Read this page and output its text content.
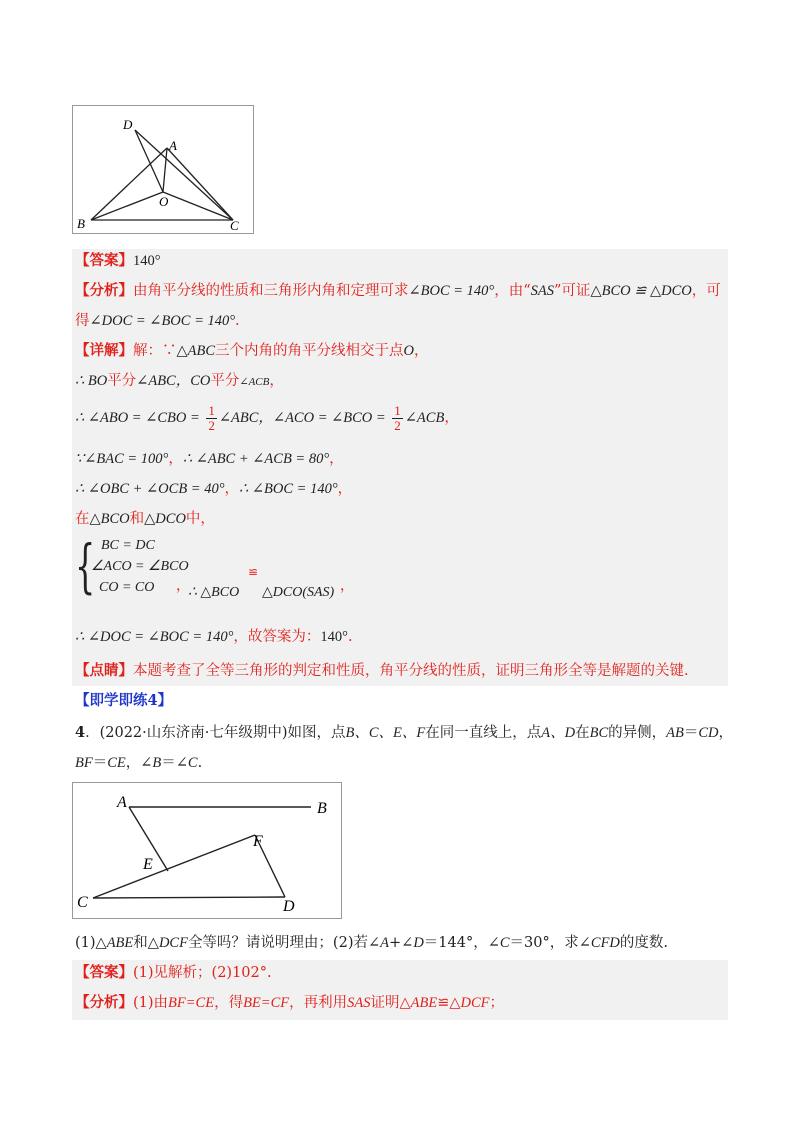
D
A
O
B	C
【答案】140°
【分析】由角平分线的性质和三角形内角和定理可求∠BOC = 140°，由“SAS”可证△BCO ≌ △DCO，可
得∠DOC = ∠BOC = 140°.
【详解】解：∵△ABC三个内角的角平分线相交于点O，
∴ BO平分∠ABC，CO平分∠ACB，
∴ ∠ABO = ∠CBO = $\frac{1}{2}$ ∠ABC，∠ACO = ∠BCO = $\frac{1}{2}$ ∠ACB，
∵∠BAC = 100°，∴ ∠ABC + ∠ACB = 80°，
∴ ∠OBC + ∠OCB = 40°，∴ ∠BOC = 140°，
在△BCO和△DCO中，
{ BC = DC
∠ACO = ∠BCO
CO = CO ，
∴ △BCO
≌
△DCO(SAS) ，
∴ ∠DOC = ∠BOC = 140°，故答案为：140°.
【点睛】本题考查了全等三角形的判定和性质，角平分线的性质，证明三角形全等是解题的关键.
【即学即练4】
4．(2022·山东济南·七年级期中)如图，点B、C、E、F在同一直线上，点A、D在BC的异侧，AB＝CD，
BF＝CE，∠B＝∠C.
A	B
E
F
C	D
(1)△ABE和△DCF全等吗？请说明理由；(2)若∠A+∠D＝144°，∠C＝30°，求∠CFD的度数.
【答案】(1)见解析；(2)102°.
【分析】(1)由BF=CE，得BE=CF，再利用SAS证明△ABE≌△DCF；
